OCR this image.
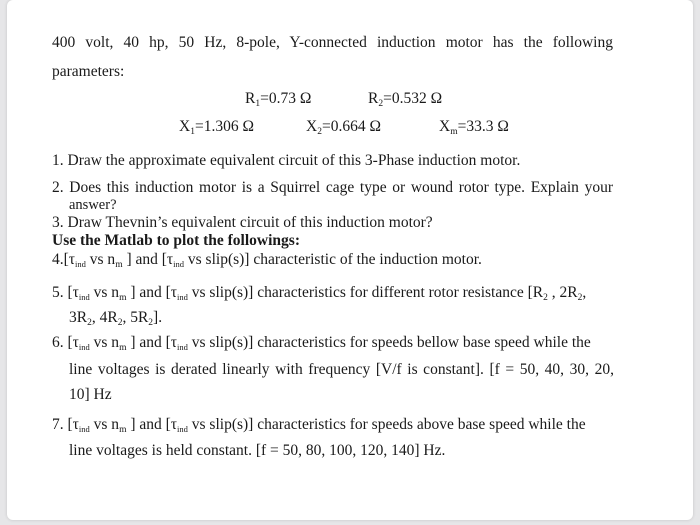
400 volt, 40 hp, 50 Hz, 8-pole, Y-connected induction motor has the following
parameters:
$R_1=0.73$ Ω	$R_2=0.532$ Ω
$X_1=1.306$ Ω	$X_2=0.664$ Ω	$X_m=33.3$ Ω
1. Draw the approximate equivalent circuit of this 3-Phase induction motor.
2. Does this induction motor is a Squirrel cage type or wound rotor type. Explain your
answer?
3. Draw Thevnin’s equivalent circuit of this induction motor?
Use the Matlab to plot the followings:
$4.[\tau_{ind}$ vs $n_m$ ] and [$\tau_{ind}$ vs slip(s)] characteristic of the induction motor.
5. [$\tau_{ind}$ vs $n_m$ ] and [$\tau_{ind}$ vs slip(s)] characteristics for different rotor resistance [$R_2$ , $2R_2$,
$3R_2$, $4R_2$, $5R_2$].
6. [$\tau_{ind}$ vs $n_m$ ] and [$\tau_{ind}$ vs slip(s)] characteristics for speeds bellow base speed while the
line voltages is derated linearly with frequency [V/f is constant]. [f = 50, 40, 30, 20,
10] Hz
7. [$\tau_{ind}$ vs $n_m$ ] and [$\tau_{ind}$ vs slip(s)] characteristics for speeds above base speed while the
line voltages is held constant. [f = 50, 80, 100, 120, 140] Hz.
